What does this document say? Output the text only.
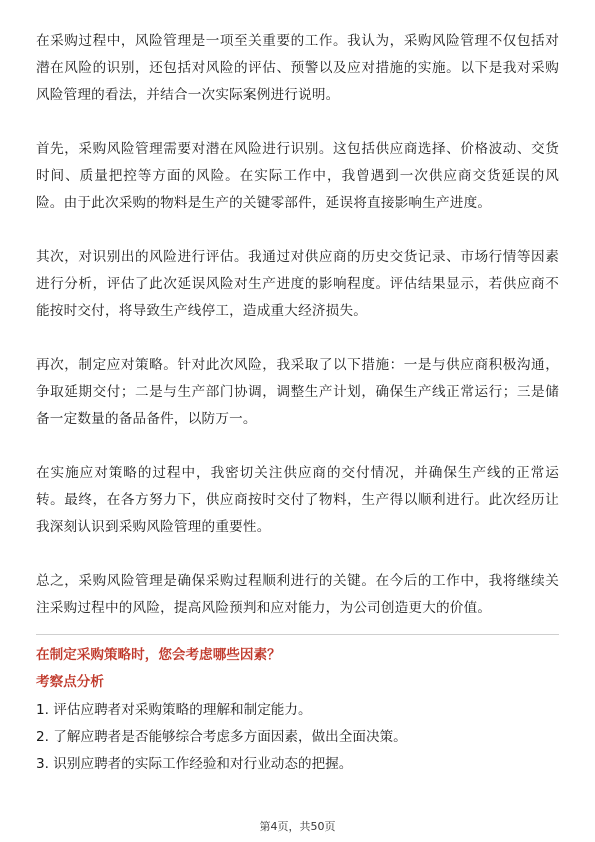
在采购过程中，风险管理是一项至关重要的工作。我认为，采购风险管理不仅包括对潜在风险的识别，还包括对风险的评估、预警以及应对措施的实施。以下是我对采购风险管理的看法，并结合一次实际案例进行说明。

首先，采购风险管理需要对潜在风险进行识别。这包括供应商选择、价格波动、交货时间、质量把控等方面的风险。在实际工作中，我曾遇到一次供应商交货延误的风险。由于此次采购的物料是生产的关键零部件，延误将直接影响生产进度。

其次，对识别出的风险进行评估。我通过对供应商的历史交货记录、市场行情等因素进行分析，评估了此次延误风险对生产进度的影响程度。评估结果显示，若供应商不能按时交付，将导致生产线停工，造成重大经济损失。

再次，制定应对策略。针对此次风险，我采取了以下措施：一是与供应商积极沟通，争取延期交付；二是与生产部门协调，调整生产计划，确保生产线正常运行；三是储备一定数量的备品备件，以防万一。

在实施应对策略的过程中，我密切关注供应商的交付情况，并确保生产线的正常运转。最终，在各方努力下，供应商按时交付了物料，生产得以顺利进行。此次经历让我深刻认识到采购风险管理的重要性。

总之，采购风险管理是确保采购过程顺利进行的关键。在今后的工作中，我将继续关注采购过程中的风险，提高风险预判和应对能力，为公司创造更大的价值。

在制定采购策略时，您会考虑哪些因素？
考察点分析
1. 评估应聘者对采购策略的理解和制定能力。
2. 了解应聘者是否能够综合考虑多方面因素，做出全面决策。
3. 识别应聘者的实际工作经验和对行业动态的把握。
第4页，共50页
